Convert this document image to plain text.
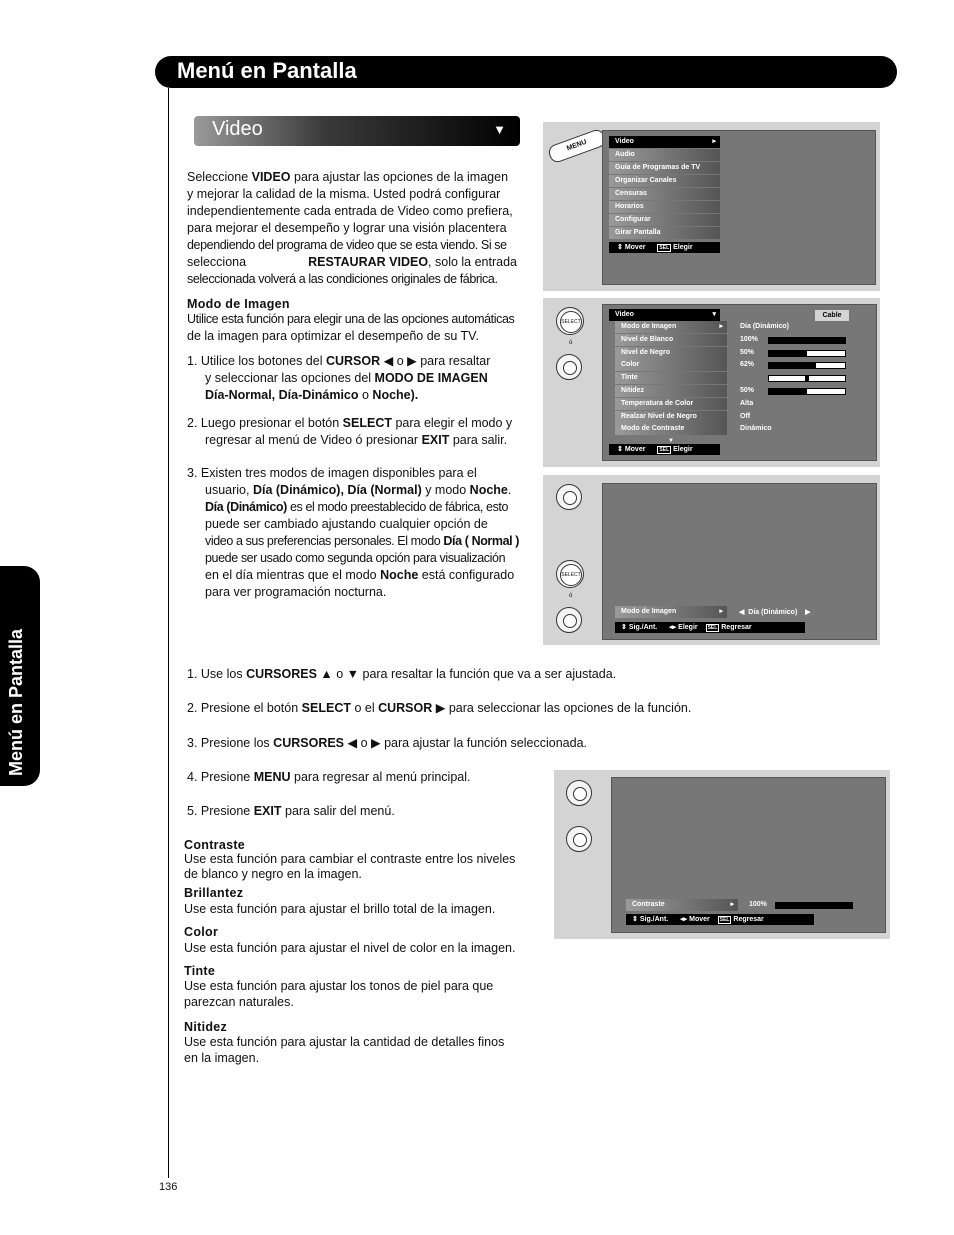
Menú en Pantalla
Menú en Pantalla
Video	▼
Seleccione VIDEO para ajustar las opciones de la imagen
y mejorar la calidad de la misma. Usted podrá configurar
independientemente cada entrada de Video como prefiera,
para mejorar el desempeño y lograr una visión placentera
dependiendo del programa de video que se esta viendo. Si se
selecciona	RESTAURAR VIDEO, solo la entrada
seleccionada volverá a las condiciones originales de fábrica.
Modo de Imagen
Utilice esta función para elegir una de las opciones automáticas
de la imagen para optimizar el desempeño de su TV.
1. Utilice los botones del CURSOR ◀ o ▶ para resaltar
y seleccionar las opciones del MODO DE IMAGEN
Día-Normal, Día-Dinámico o Noche).
2. Luego presionar el botón SELECT para elegir el modo y
regresar al menú de Video ó presionar EXIT para salir.
3. Existen tres modos de imagen disponibles para el
usuario, Día (Dinámico), Día (Normal) y modo Noche.
Día (Dinámico) es el modo preestablecido de fábrica, esto
puede ser cambiado ajustando cualquier opción de
video a sus preferencias personales. El modo Día ( Normal )
puede ser usado como segunda opción para visualización
en el día mientras que el modo Noche está configurado
para ver programación nocturna.
1. Use los CURSORES ▲ o ▼ para resaltar la función que va a ser ajustada.
2. Presione el botón SELECT o el CURSOR ▶ para seleccionar las opciones de la función.
3. Presione los CURSORES ◀ o ▶ para ajustar la función seleccionada.
4. Presione MENU para regresar al menú principal.
5. Presione EXIT para salir del menú.
Contraste
Use esta función para cambiar el contraste entre los niveles
de blanco y negro en la imagen.
Brillantez
Use esta función para ajustar el brillo total de la imagen.
Color
Use esta función para ajustar el nivel de color en la imagen.
Tinte
Use esta función para ajustar los tonos de piel para que
parezcan naturales.
Nitidez
Use esta función para ajustar la cantidad de detalles finos
en la imagen.
136
MENU	Video	▸
Audio
Guía de Programas de TV
Organizar Canales
Censuras
Horarios
Configurar
Girar Pantalla
⇕ Mover	SEL Elegir
SELECT
ó
Video	▾	Cable
Modo de Imagen	▸ Día (Dinámico)
Nivel de Blanco	100%
Nivel de Negro	50%
Color	62%
Tinte
Nitidez	50%
Temperatura de Color	Alta
Realzar Nivel de Negro	Off
Modo de Contraste	Dinámico
▼
⇕ Mover	SEL Elegir
SELECT
ó
Modo de Imagen	▸ ◀  Día (Dinámico)    ▶
⇕ Sig./Ant. ◂▸ Elegir SEL Regresar
Contraste	▸ 100%
⇕ Sig./Ant. ◂▸ Mover SEL Regresar
